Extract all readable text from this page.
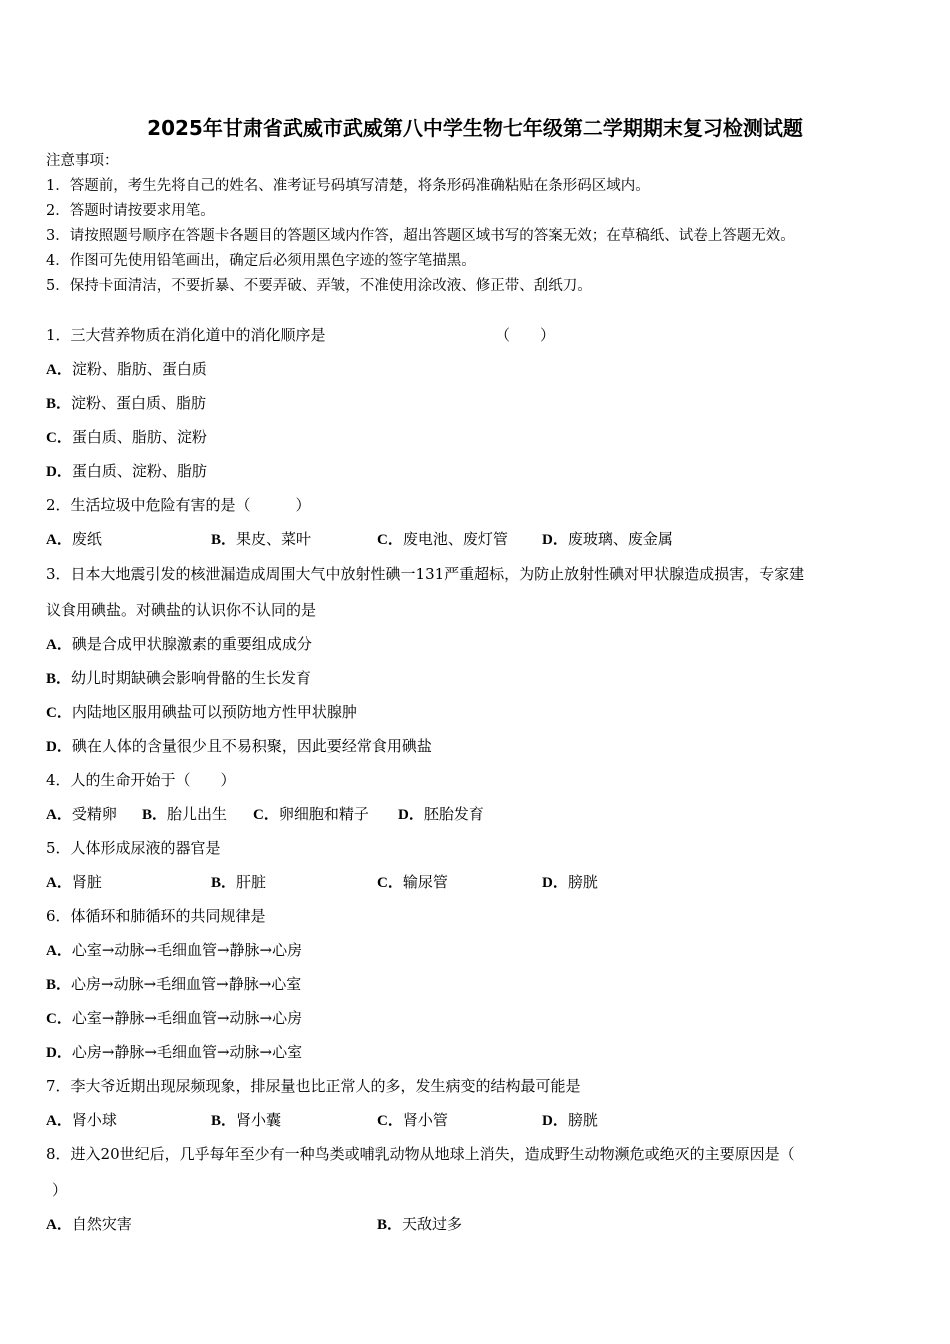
2025年甘肃省武威市武威第八中学生物七年级第二学期期末复习检测试题
注意事项：
1．答题前，考生先将自己的姓名、准考证号码填写清楚，将条形码准确粘贴在条形码区域内。
2．答题时请按要求用笔。
3．请按照题号顺序在答题卡各题目的答题区域内作答，超出答题区域书写的答案无效；在草稿纸、试卷上答题无效。
4．作图可先使用铅笔画出，确定后必须用黑色字迹的签字笔描黑。
5．保持卡面清洁，不要折暴、不要弄破、弄皱，不准使用涂改液、修正带、刮纸刀。
1．三大营养物质在消化道中的消化顺序是	（　　）
A．淀粉、脂肪、蛋白质
B．淀粉、蛋白质、脂肪
C．蛋白质、脂肪、淀粉
D．蛋白质、淀粉、脂肪
2．生活垃圾中危险有害的是（　　　）
A．废纸	B．果皮、菜叶	C．废电池、废灯管 D．废玻璃、废金属
3．日本大地震引发的核泄漏造成周围大气中放射性碘一131严重超标，为防止放射性碘对甲状腺造成损害，专家建
议食用碘盐。对碘盐的认识你不认同的是
A．碘是合成甲状腺激素的重要组成成分
B．幼儿时期缺碘会影响骨骼的生长发育
C．内陆地区服用碘盐可以预防地方性甲状腺肿
D．碘在人体的含量很少且不易积聚，因此要经常食用碘盐
4．人的生命开始于（　　）
A．受精卵 B．胎儿出生 C．卵细胞和精子 D．胚胎发育
5．人体形成尿液的器官是
A．肾脏	B．肝脏	C．输尿管	D．膀胱
6．体循环和肺循环的共同规律是
A．心室→动脉→毛细血管→静脉→心房
B．心房→动脉→毛细血管→静脉→心室
C．心室→静脉→毛细血管→动脉→心房
D．心房→静脉→毛细血管→动脉→心室
7．李大爷近期出现尿频现象，排尿量也比正常人的多，发生病变的结构最可能是
A．肾小球	B．肾小囊	C．肾小管	D．膀胱
8．进入20世纪后，几乎每年至少有一种鸟类或哺乳动物从地球上消失，造成野生动物濒危或绝灭的主要原因是（
）
A．自然灾害	B．天敌过多
